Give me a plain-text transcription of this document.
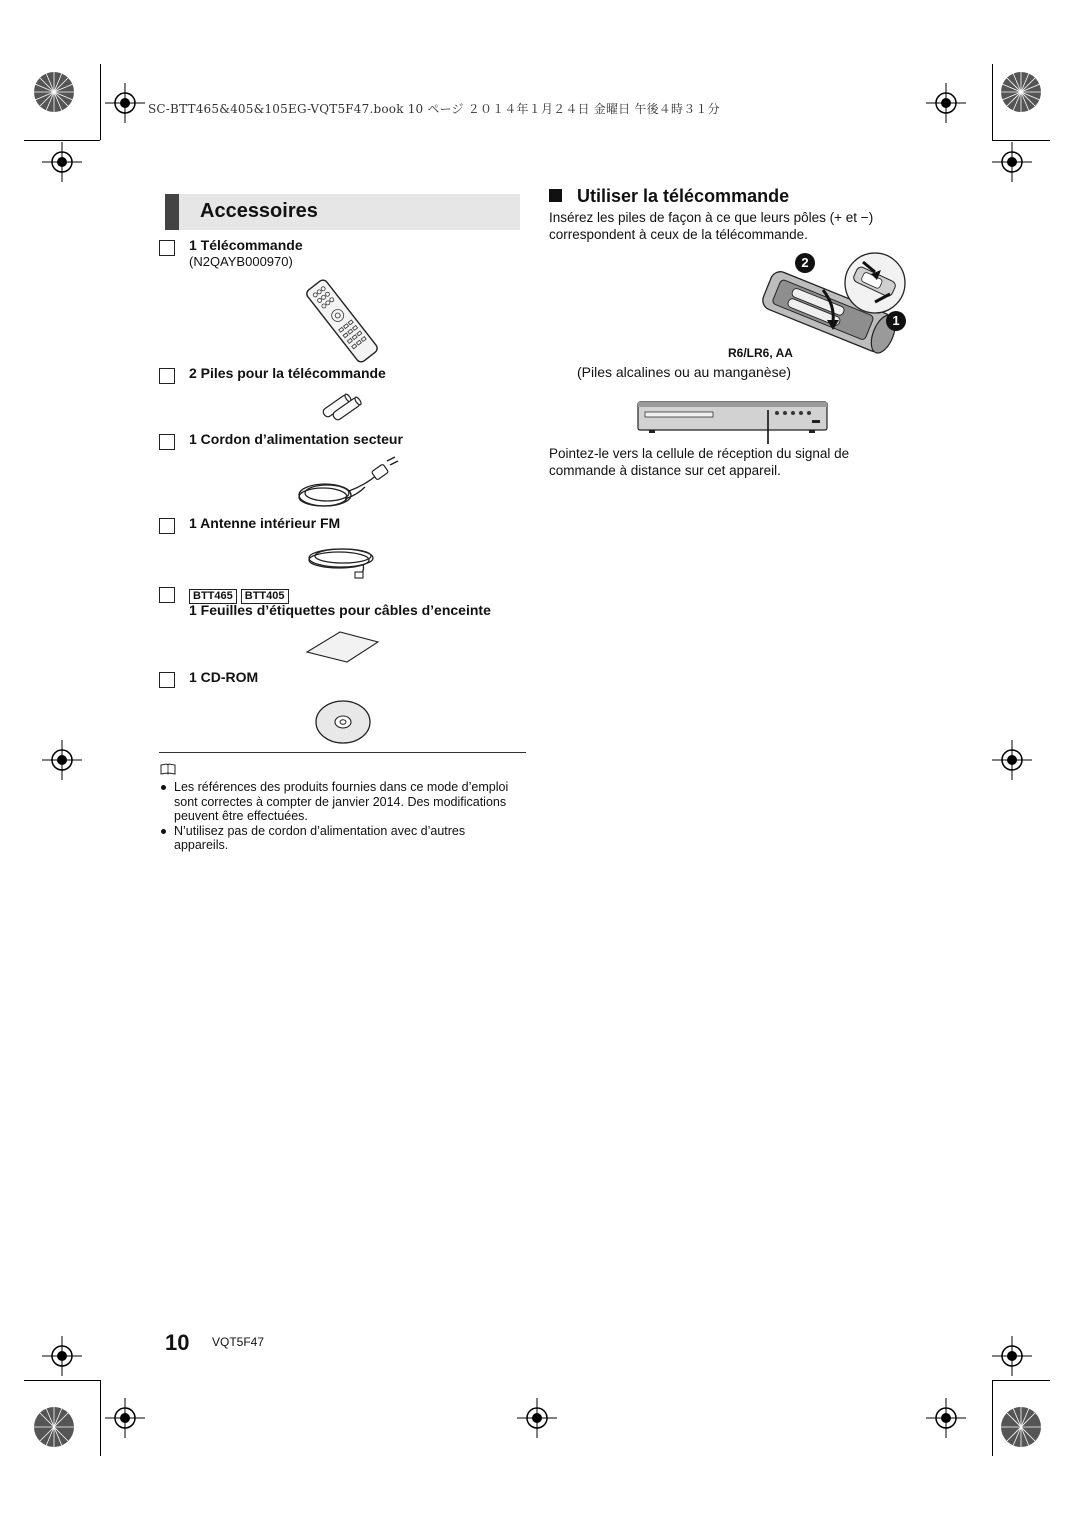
SC-BTT465&405&105EG-VQT5F47.book 10 ページ ２０１４年１月２４日 金曜日 午後４時３１分
Accessoires
1 Télécommande
(N2QAYB000970)
2 Piles pour la télécommande
1 Cordon d’alimentation secteur
1 Antenne intérieur FM
BTT465 BTT405
1 Feuilles d’étiquettes pour câbles d’enceinte
1 CD-ROM
Les références des produits fournies dans ce mode d’emploi sont correctes à compter de janvier 2014. Des modifications peuvent être effectuées.
N’utilisez pas de cordon d’alimentation avec d’autres appareils.
Utiliser la télécommande
Insérez les piles de façon à ce que leurs pôles (+ et −) correspondent à ceux de la télécommande.
2
1
R6/LR6, AA
(Piles alcalines ou au manganèse)
Pointez-le vers la cellule de réception du signal de commande à distance sur cet appareil.
10 VQT5F47
